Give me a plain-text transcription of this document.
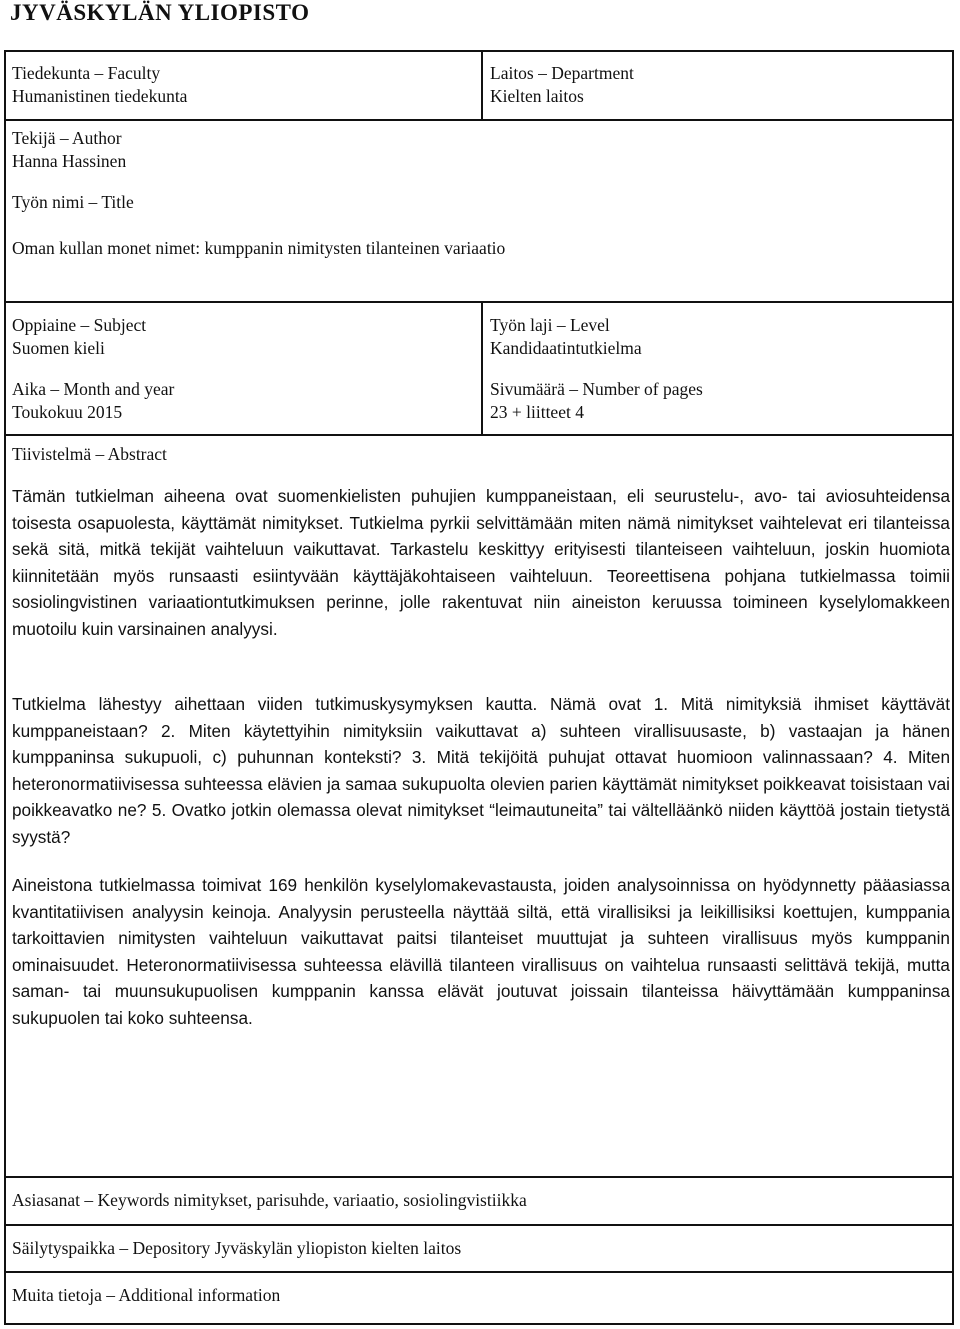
JYVÄSKYLÄN YLIOPISTO
Tiedekunta – Faculty
Humanistinen tiedekunta
Laitos – Department
Kielten laitos
Tekijä – Author
Hanna Hassinen
Työn nimi – Title
Oman kullan monet nimet: kumppanin nimitysten tilanteinen variaatio
Oppiaine – Subject
Suomen kieli
Työn laji – Level
Kandidaatintutkielma
Aika – Month and year
Toukokuu 2015
Sivumäärä – Number of pages
23 + liitteet 4
Tiivistelmä – Abstract

Tämän tutkielman aiheena ovat suomenkielisten puhujien kumppaneistaan, eli seurustelu-, avo- tai aviosuhteidensa toisesta osapuolesta, käyttämät nimitykset. Tutkielma pyrkii selvittämään miten nämä nimitykset vaihtelevat eri tilanteissa sekä sitä, mitkä tekijät vaihteluun vaikuttavat. Tarkastelu keskittyy erityisesti tilanteiseen vaihteluun, joskin huomiota kiinnitetään myös runsaasti esiintyvään käyttäjäkohtaiseen vaihteluun. Teoreettisena pohjana tutkielmassa toimii sosiolingvistinen variaationtutkimuksen perinne, jolle rakentuvat niin aineiston keruussa toimineen kyselylomakkeen muotoilu kuin varsinainen analyysi.

Tutkielma lähestyy aihettaan viiden tutkimuskysymyksen kautta. Nämä ovat 1. Mitä nimityksiä ihmiset käyttävät kumppaneistaan? 2. Miten käytettyihin nimityksiin vaikuttavat a) suhteen virallisuusaste, b) vastaajan ja hänen kumppaninsa sukupuoli, c) puhunnan konteksti? 3. Mitä tekijöitä puhujat ottavat huomioon valinnassaan? 4. Miten heteronormatiivisessa suhteessa elävien ja samaa sukupuolta olevien parien käyttämät nimitykset poikkeavat toisistaan vai poikkeavatko ne? 5. Ovatko jotkin olemassa olevat nimitykset “leimautuneita” tai vältelläänkö niiden käyttöä jostain tietystä syystä?

Aineistona tutkielmassa toimivat 169 henkilön kyselylomakevastausta, joiden analysoinnissa on hyödynnetty pääasiassa kvantitatiivisen analyysin keinoja. Analyysin perusteella näyttää siltä, että virallisiksi ja leikillisiksi koettujen, kumppania tarkoittavien nimitysten vaihteluun vaikuttavat paitsi tilanteiset muuttujat ja suhteen virallisuus myös kumppanin ominaisuudet. Heteronormatiivisessa suhteessa elävillä tilanteen virallisuus on vaihtelua runsaasti selittävä tekijä, mutta saman- tai muunsukupuolisen kumppanin kanssa elävät joutuvat joissain tilanteissa häivyttämään kumppaninsa sukupuolen tai koko suhteensa.

Asiasanat – Keywords nimitykset, parisuhde, variaatio, sosiolingvistiikka
Säilytyspaikka – Depository Jyväskylän yliopiston kielten laitos
Muita tietoja – Additional information
